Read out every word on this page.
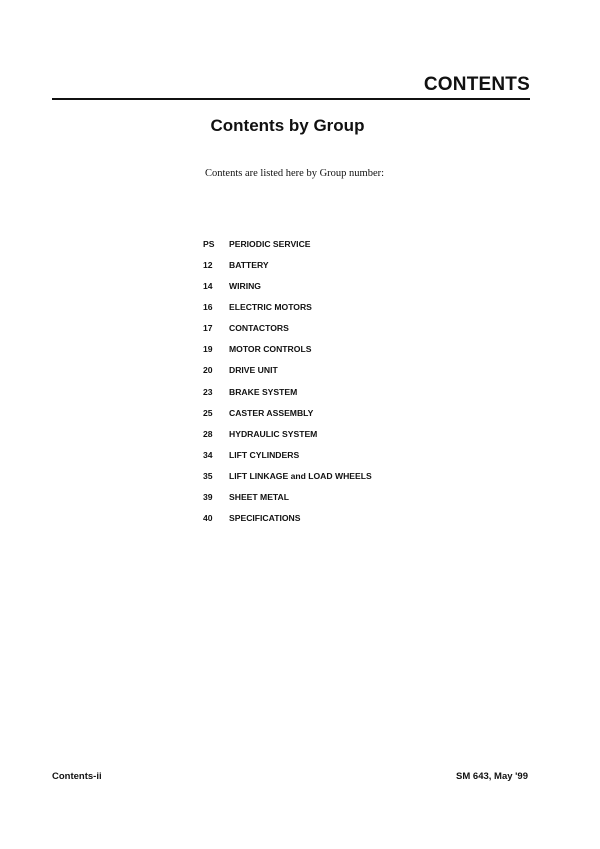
CONTENTS
Contents by Group

Contents are listed here by Group number:

PS	PERIODIC SERVICE
12	BATTERY
14	WIRING
16	ELECTRIC MOTORS
17	CONTACTORS
19	MOTOR CONTROLS
20	DRIVE UNIT
23	BRAKE SYSTEM
25	CASTER ASSEMBLY
28	HYDRAULIC SYSTEM
34	LIFT CYLINDERS
35	LIFT LINKAGE and LOAD WHEELS
39	SHEET METAL
40	SPECIFICATIONS

Contents-ii	SM 643, May '99
